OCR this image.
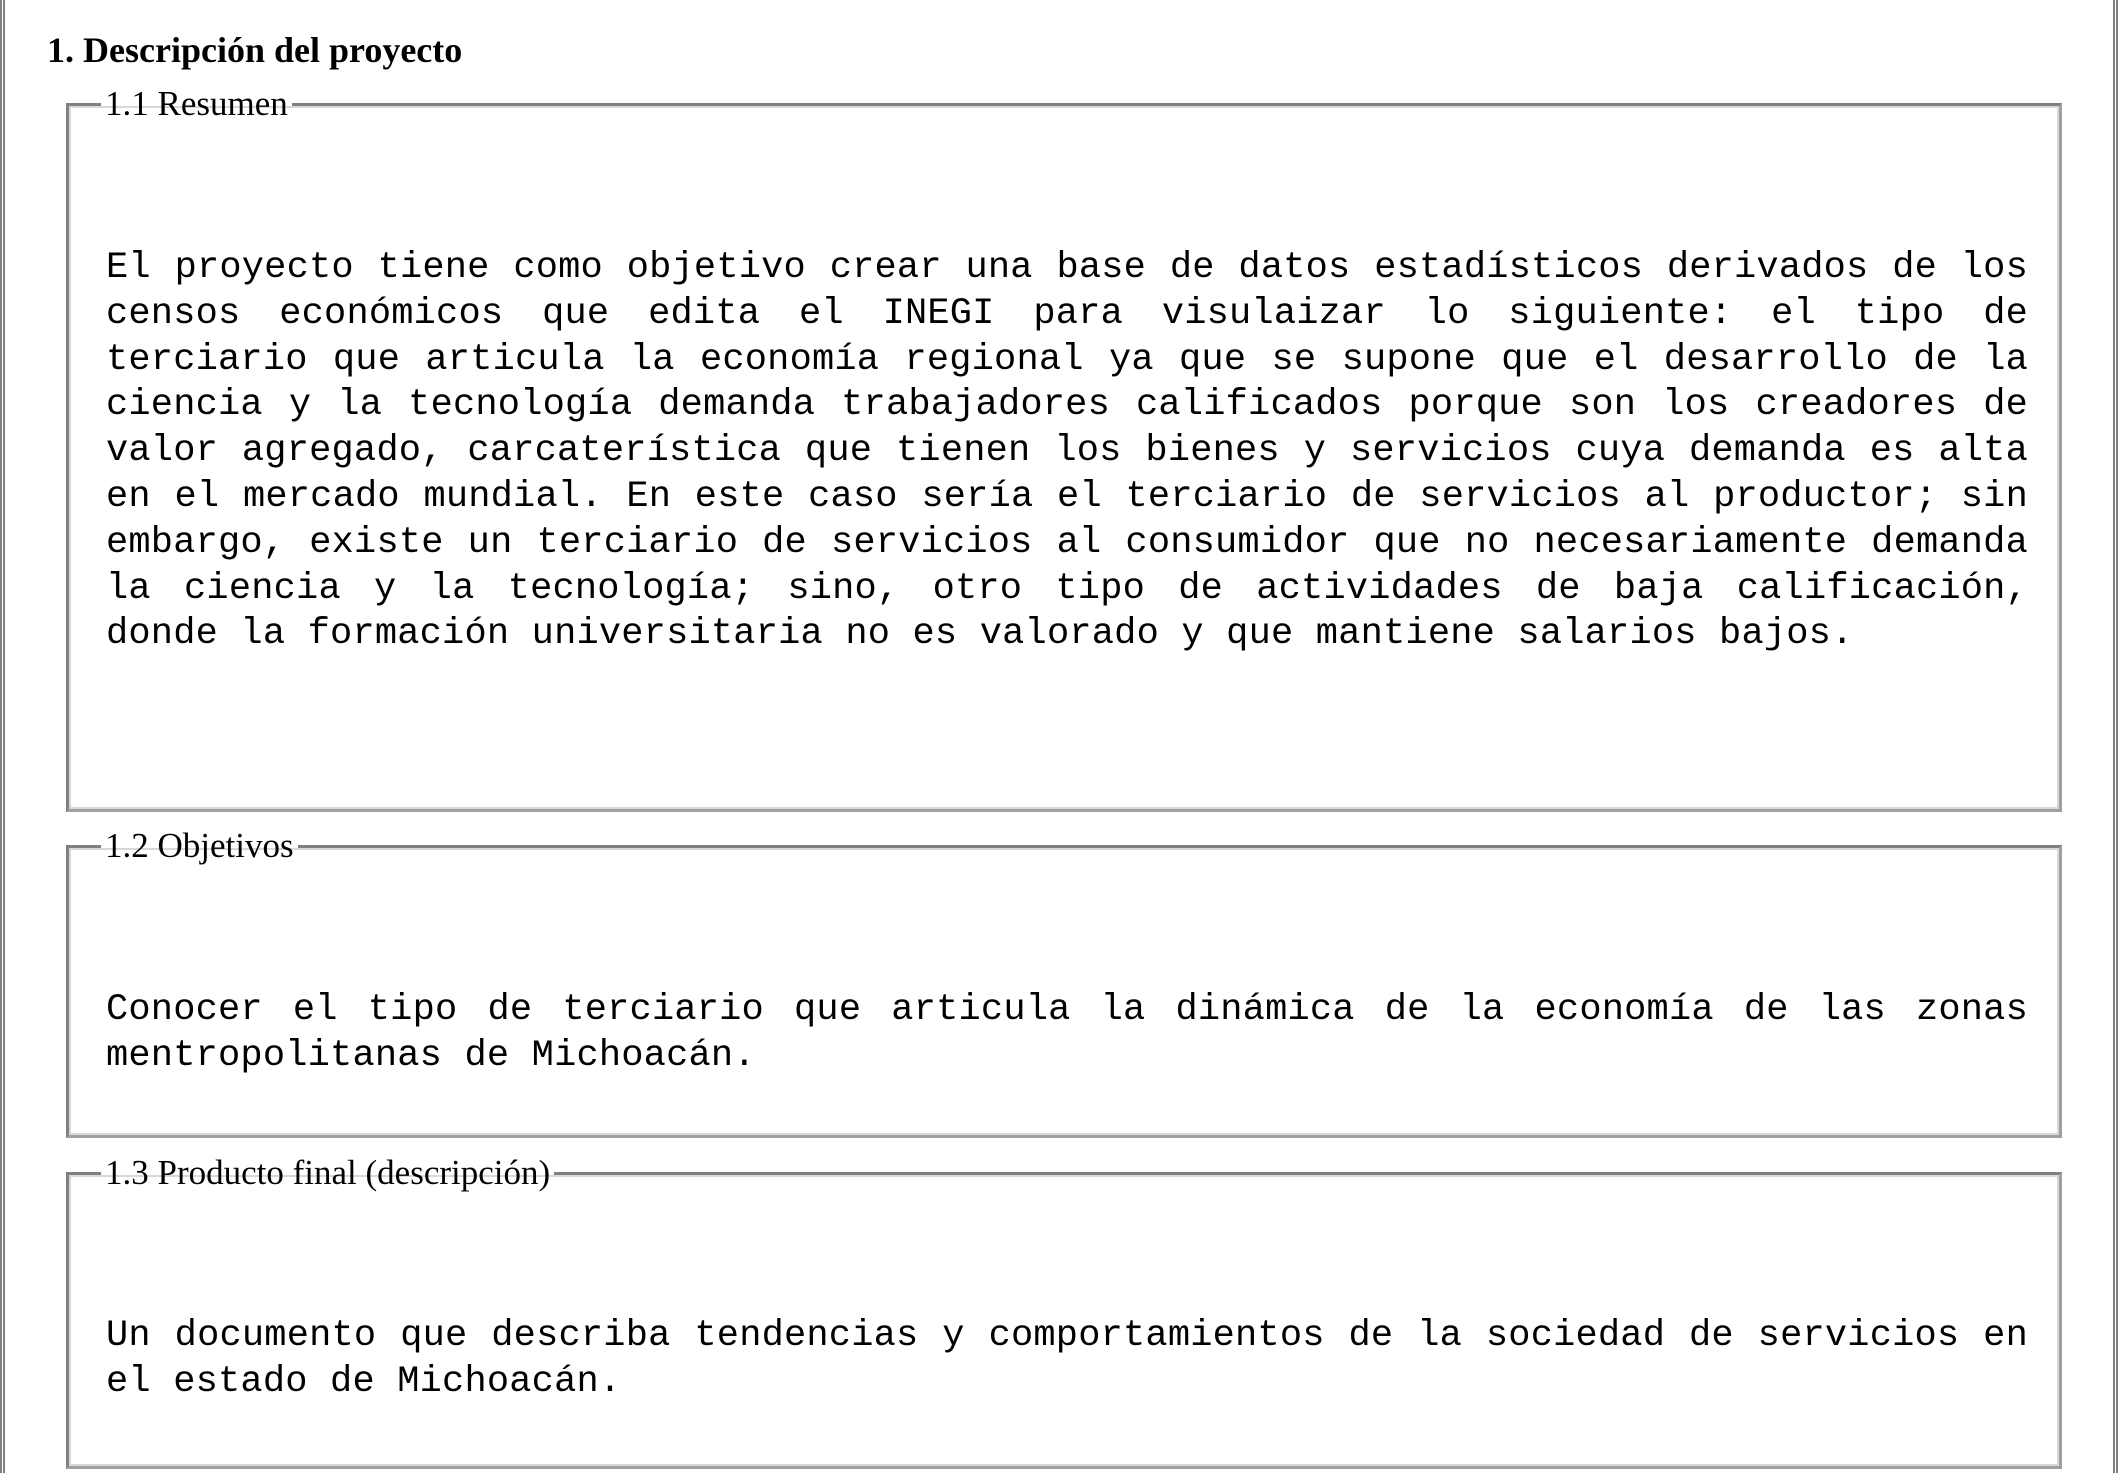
1. Descripción del proyecto
1.1 Resumen

El proyecto tiene como objetivo crear una base de datos estadísticos derivados de los censos económicos que edita el INEGI para visulaizar lo siguiente: el tipo de terciario que articula la economía regional ya que se supone que el desarrollo de la ciencia y la tecnología demanda trabajadores calificados porque son los creadores de valor agregado, carcaterística que tienen los bienes y servicios cuya demanda es alta en el mercado mundial. En este caso sería el terciario de servicios al productor; sin embargo, existe un terciario de servicios al consumidor que no necesariamente demanda la ciencia y la tecnología; sino, otro tipo de actividades de baja calificación, donde la formación universitaria no es valorado y que mantiene salarios bajos.

1.2 Objetivos

Conocer el tipo de terciario que articula la dinámica de la economía de las zonas mentropolitanas de Michoacán.

1.3 Producto final (descripción)

Un documento que describa tendencias y comportamientos de la sociedad de servicios en el estado de Michoacán.
